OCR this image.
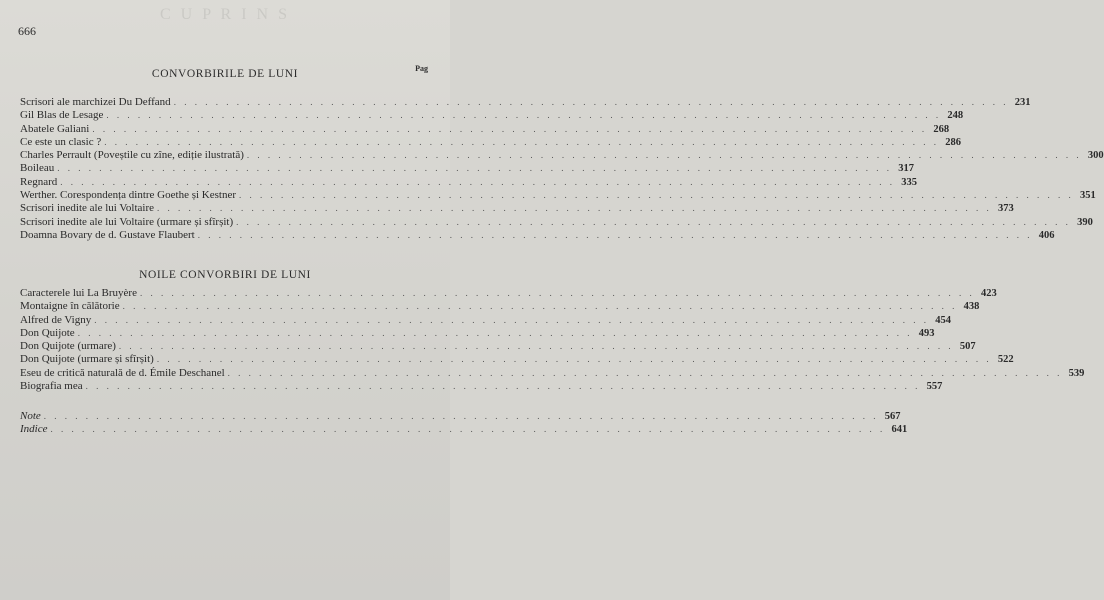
C U P R I N S
666
Pag
CONVORBIRILE DE LUNI
Scrisori ale marchizei Du Deffand . . . . . . . . . . . . . . . . . . . . . . . . . . . . . . . . . . . . . . . . . . . . . . . . . . . . . . . . . . . . . . . . . . . . . . . . . . . . . . . . 231
Gil Blas de Lesage . . . . . . . . . . . . . . . . . . . . . . . . . . . . . . . . . . . . . . . . . . . . . . . . . . . . . . . . . . . . . . . . . . . . . . . . . . . . . . . . 248
Abatele Galiani . . . . . . . . . . . . . . . . . . . . . . . . . . . . . . . . . . . . . . . . . . . . . . . . . . . . . . . . . . . . . . . . . . . . . . . . . . . . . . . . 268
Ce este un clasic ? . . . . . . . . . . . . . . . . . . . . . . . . . . . . . . . . . . . . . . . . . . . . . . . . . . . . . . . . . . . . . . . . . . . . . . . . . . . . . . . . 286
Charles Perrault (Poveștile cu zîne, ediție ilustrată) . . . . . . . . . . . . . . . . . . . . . . . . . . . . . . . . . . . . . . . . . . . . . . . . . . . . . . . . . . . . . . . . . . . . . . . . . . . . . . . . 300
Boileau . . . . . . . . . . . . . . . . . . . . . . . . . . . . . . . . . . . . . . . . . . . . . . . . . . . . . . . . . . . . . . . . . . . . . . . . . . . . . . . . 317
Regnard . . . . . . . . . . . . . . . . . . . . . . . . . . . . . . . . . . . . . . . . . . . . . . . . . . . . . . . . . . . . . . . . . . . . . . . . . . . . . . . . 335
Werther. Corespondența dintre Goethe și Kestner . . . . . . . . . . . . . . . . . . . . . . . . . . . . . . . . . . . . . . . . . . . . . . . . . . . . . . . . . . . . . . . . . . . . . . . . . . . . . . . . 351
Scrisori inedite ale lui Voltaire . . . . . . . . . . . . . . . . . . . . . . . . . . . . . . . . . . . . . . . . . . . . . . . . . . . . . . . . . . . . . . . . . . . . . . . . . . . . . . . . 373
Scrisori inedite ale lui Voltaire (urmare și sfîrșit) . . . . . . . . . . . . . . . . . . . . . . . . . . . . . . . . . . . . . . . . . . . . . . . . . . . . . . . . . . . . . . . . . . . . . . . . . . . . . . . . 390
Doamna Bovary de d. Gustave Flaubert . . . . . . . . . . . . . . . . . . . . . . . . . . . . . . . . . . . . . . . . . . . . . . . . . . . . . . . . . . . . . . . . . . . . . . . . . . . . . . . . 406
NOILE CONVORBIRI DE LUNI
Caracterele lui La Bruyère . . . . . . . . . . . . . . . . . . . . . . . . . . . . . . . . . . . . . . . . . . . . . . . . . . . . . . . . . . . . . . . . . . . . . . . . . . . . . . . . 423
Montaigne în călătorie . . . . . . . . . . . . . . . . . . . . . . . . . . . . . . . . . . . . . . . . . . . . . . . . . . . . . . . . . . . . . . . . . . . . . . . . . . . . . . . . 438
Alfred de Vigny . . . . . . . . . . . . . . . . . . . . . . . . . . . . . . . . . . . . . . . . . . . . . . . . . . . . . . . . . . . . . . . . . . . . . . . . . . . . . . . . 454
Don Quijote . . . . . . . . . . . . . . . . . . . . . . . . . . . . . . . . . . . . . . . . . . . . . . . . . . . . . . . . . . . . . . . . . . . . . . . . . . . . . . . . 493
Don Quijote (urmare) . . . . . . . . . . . . . . . . . . . . . . . . . . . . . . . . . . . . . . . . . . . . . . . . . . . . . . . . . . . . . . . . . . . . . . . . . . . . . . . . 507
Don Quijote (urmare și sfîrșit) . . . . . . . . . . . . . . . . . . . . . . . . . . . . . . . . . . . . . . . . . . . . . . . . . . . . . . . . . . . . . . . . . . . . . . . . . . . . . . . . 522
Eseu de critică naturală de d. Émile Deschanel . . . . . . . . . . . . . . . . . . . . . . . . . . . . . . . . . . . . . . . . . . . . . . . . . . . . . . . . . . . . . . . . . . . . . . . . . . . . . . . . 539
Biografia mea . . . . . . . . . . . . . . . . . . . . . . . . . . . . . . . . . . . . . . . . . . . . . . . . . . . . . . . . . . . . . . . . . . . . . . . . . . . . . . . . 557
Note . . . . . . . . . . . . . . . . . . . . . . . . . . . . . . . . . . . . . . . . . . . . . . . . . . . . . . . . . . . . . . . . . . . . . . . . . . . . . . . . 567
Indice . . . . . . . . . . . . . . . . . . . . . . . . . . . . . . . . . . . . . . . . . . . . . . . . . . . . . . . . . . . . . . . . . . . . . . . . . . . . . . . . 641
